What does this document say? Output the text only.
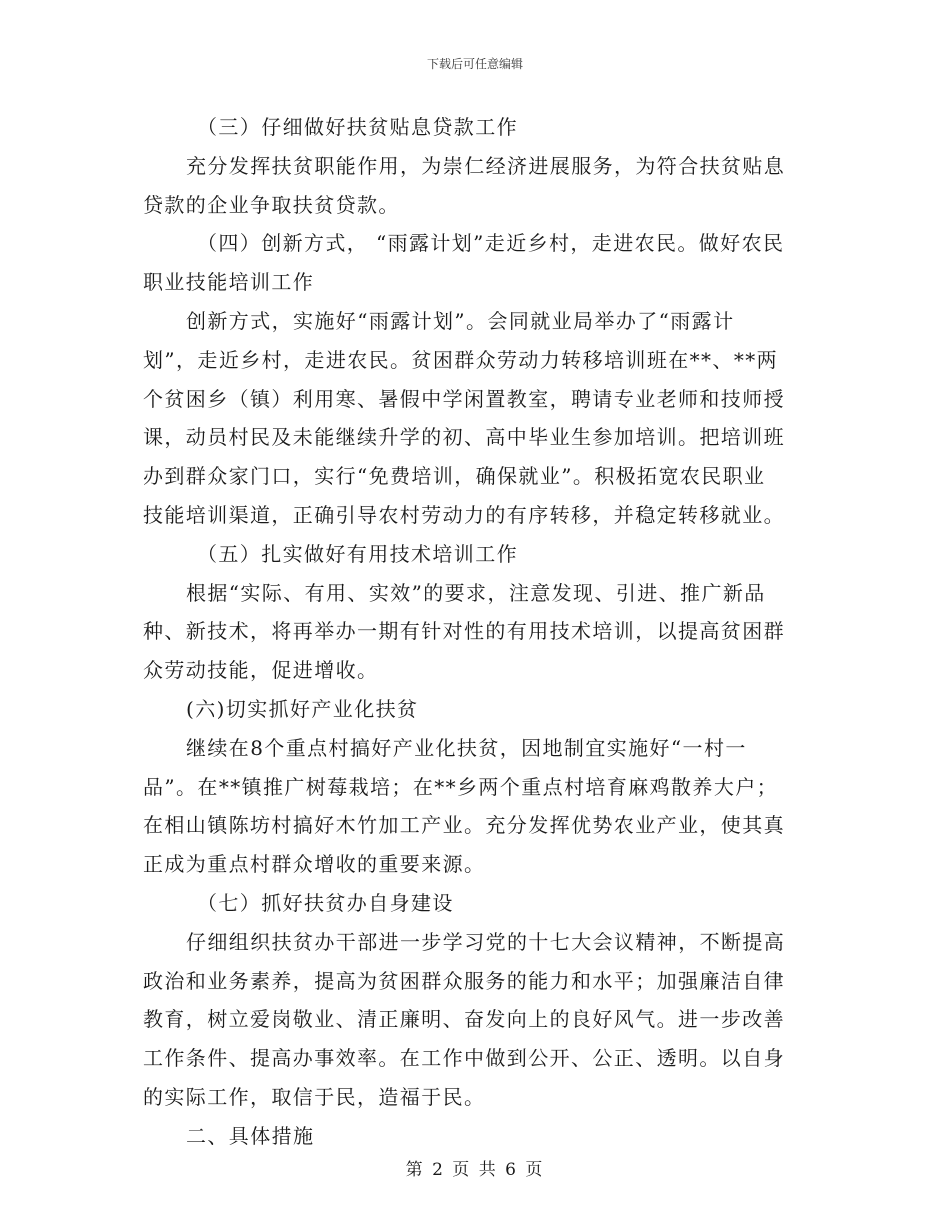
下载后可任意编辑
（三）仔细做好扶贫贴息贷款工作
充分发挥扶贫职能作用，为崇仁经济进展服务，为符合扶贫贴息
贷款的企业争取扶贫贷款。
（四）创新方式， “雨露计划”走近乡村，走进农民。做好农民
职业技能培训工作
创新方式，实施好“雨露计划”。会同就业局举办了“雨露计
划”，走近乡村，走进农民。贫困群众劳动力转移培训班在**、**两
个贫困乡（镇）利用寒、暑假中学闲置教室，聘请专业老师和技师授
课，动员村民及未能继续升学的初、高中毕业生参加培训。把培训班
办到群众家门口，实行“免费培训，确保就业”。积极拓宽农民职业
技能培训渠道，正确引导农村劳动力的有序转移，并稳定转移就业。
（五）扎实做好有用技术培训工作
根据“实际、有用、实效”的要求，注意发现、引进、推广新品
种、新技术，将再举办一期有针对性的有用技术培训，以提高贫困群
众劳动技能，促进增收。
(六)切实抓好产业化扶贫
继续在8个重点村搞好产业化扶贫，因地制宜实施好“一村一
品”。在**镇推广树莓栽培；在**乡两个重点村培育麻鸡散养大户；
在相山镇陈坊村搞好木竹加工产业。充分发挥优势农业产业，使其真
正成为重点村群众增收的重要来源。
（七）抓好扶贫办自身建设
仔细组织扶贫办干部进一步学习党的十七大会议精神，不断提高
政治和业务素养，提高为贫困群众服务的能力和水平；加强廉洁自律
教育，树立爱岗敬业、清正廉明、奋发向上的良好风气。进一步改善
工作条件、提高办事效率。在工作中做到公开、公正、透明。以自身
的实际工作，取信于民，造福于民。
二、具体措施
第 2 页 共 6 页
